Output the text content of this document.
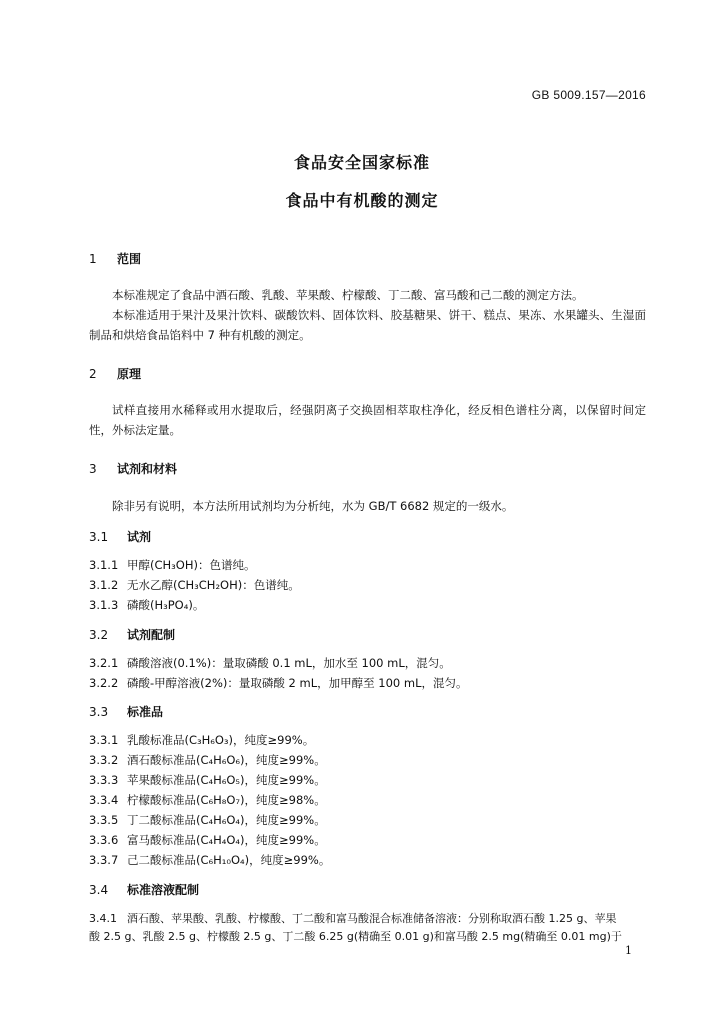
GB 5009.157—2016
食品安全国家标准
食品中有机酸的测定
1 范围
本标准规定了食品中酒石酸、乳酸、苹果酸、柠檬酸、丁二酸、富马酸和己二酸的测定方法。
本标准适用于果汁及果汁饮料、碳酸饮料、固体饮料、胶基糖果、饼干、糕点、果冻、水果罐头、生湿面制品和烘焙食品馅料中 7 种有机酸的测定。
2 原理
试样直接用水稀释或用水提取后，经强阴离子交换固相萃取柱净化，经反相色谱柱分离，以保留时间定性，外标法定量。
3 试剂和材料
除非另有说明，本方法所用试剂均为分析纯，水为 GB/T 6682 规定的一级水。
3.1 试剂
3.1.1 甲醇(CH₃OH)：色谱纯。
3.1.2 无水乙醇(CH₃CH₂OH)：色谱纯。
3.1.3 磷酸(H₃PO₄)。
3.2 试剂配制
3.2.1 磷酸溶液(0.1%)：量取磷酸 0.1 mL，加水至 100 mL，混匀。
3.2.2 磷酸-甲醇溶液(2%)：量取磷酸 2 mL，加甲醇至 100 mL，混匀。
3.3 标准品
3.3.1 乳酸标准品(C₃H₆O₃)，纯度≥99%。
3.3.2 酒石酸标准品(C₄H₆O₆)，纯度≥99%。
3.3.3 苹果酸标准品(C₄H₆O₅)，纯度≥99%。
3.3.4 柠檬酸标准品(C₆H₈O₇)，纯度≥98%。
3.3.5 丁二酸标准品(C₄H₆O₄)，纯度≥99%。
3.3.6 富马酸标准品(C₄H₄O₄)，纯度≥99%。
3.3.7 己二酸标准品(C₆H₁₀O₄)，纯度≥99%。
3.4 标准溶液配制
3.4.1 酒石酸、苹果酸、乳酸、柠檬酸、丁二酸和富马酸混合标准储备溶液：分别称取酒石酸 1.25 g、苹果
酸 2.5 g、乳酸 2.5 g、柠檬酸 2.5 g、丁二酸 6.25 g(精确至 0.01 g)和富马酸 2.5 mg(精确至 0.01 mg)于
1
